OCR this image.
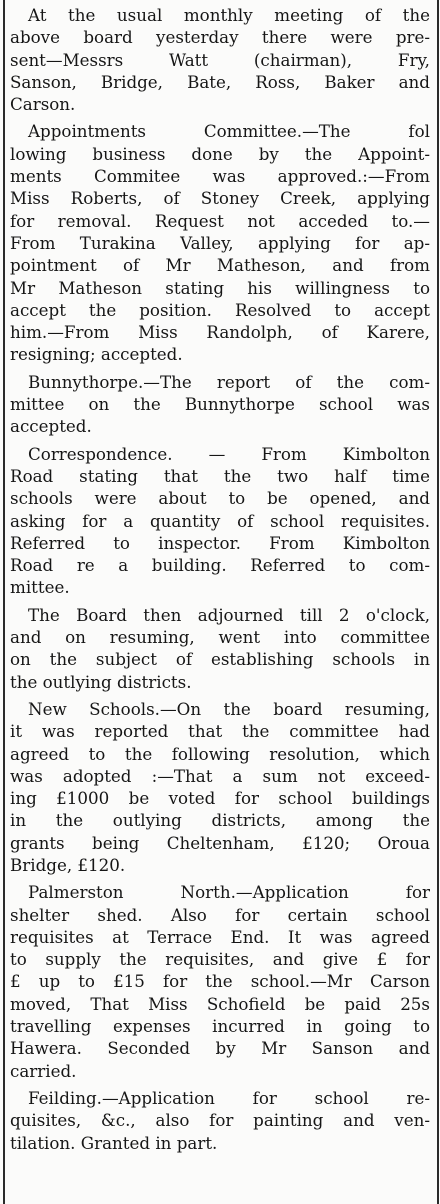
At the usual monthly meeting of the
above board yesterday there were pre-
sent—Messrs Watt (chairman), Fry,
Sanson, Bridge, Bate, Ross, Baker and
Carson.

Appointments Committee.—The fol
lowing business done by the Appoint-
ments Commitee was approved.:—From
Miss Roberts, of Stoney Creek, applying
for removal. Request not acceded to.—
From Turakina Valley, applying for ap-
pointment of Mr Matheson, and from
Mr Matheson stating his willingness to
accept the position. Resolved to accept
him.—From Miss Randolph, of Karere,
resigning; accepted.

Bunnythorpe.—The report of the com-
mittee on the Bunnythorpe school was
accepted.

Correspondence. — From Kimbolton
Road stating that the two half time
schools were about to be opened, and
asking for a quantity of school requisites.
Referred to inspector. From Kimbolton
Road re a building. Referred to com-
mittee.

The Board then adjourned till 2 o'clock,
and on resuming, went into committee
on the subject of establishing schools in
the outlying districts.

New Schools.—On the board resuming,
it was reported that the committee had
agreed to the following resolution, which
was adopted :—That a sum not exceed-
ing £1000 be voted for school buildings
in the outlying districts, among the
grants being Cheltenham, £120; Oroua
Bridge, £120.

Palmerston North.—Application for
shelter shed. Also for certain school
requisites at Terrace End. It was agreed
to supply the requisites, and give £ for
£ up to £15 for the school.—Mr Carson
moved, That Miss Schofield be paid 25s
travelling expenses incurred in going to
Hawera. Seconded by Mr Sanson and
carried.

Feilding.—Application for school re-
quisites, &c., also for painting and ven-
tilation. Granted in part.
